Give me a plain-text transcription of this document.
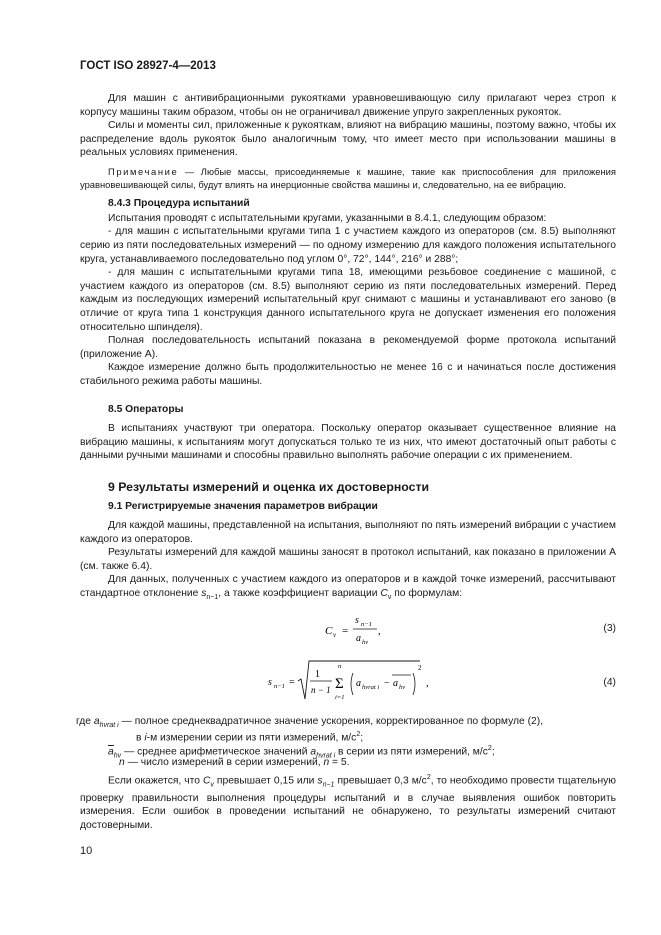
ГОСТ ISO 28927-4—2013

Для машин с антивибрационными рукоятками уравновешивающую силу прилагают через строп к корпусу машины таким образом, чтобы он не ограничивал движение упруго закрепленных рукояток.

Силы и моменты сил, приложенные к рукояткам, влияют на вибрацию машины, поэтому важно, чтобы их распределение вдоль рукояток было аналогичным тому, что имеет место при использовании машины в реальных условиях применения.

Примечание — Любые массы, присоединяемые к машине, такие как приспособления для приложения уравновешивающей силы, будут влиять на инерционные свойства машины и, следовательно, на ее вибрацию.

8.4.3 Процедура испытаний

Испытания проводят с испытательными кругами, указанными в 8.4.1, следующим образом:

- для машин с испытательными кругами типа 1 с участием каждого из операторов (см. 8.5) выполняют серию из пяти последовательных измерений — по одному измерению для каждого положения испытательного круга, устанавливаемого последовательно под углом 0°, 72°, 144°, 216° и 288°;

- для машин с испытательными кругами типа 18, имеющими резьбовое соединение с машиной, с участием каждого из операторов (см. 8.5) выполняют серию из пяти последовательных измерений. Перед каждым из последующих измерений испытательный круг снимают с машины и устанавливают его заново (в отличие от круга типа 1 конструкция данного испытательного круга не допускает изменения его положения относительно шпинделя).

Полная последовательность испытаний показана в рекомендуемой форме протокола испытаний (приложение А).

Каждое измерение должно быть продолжительностью не менее 16 с и начинаться после достижения стабильного режима работы машины.

8.5 Операторы

В испытаниях участвуют три оператора. Поскольку оператор оказывает существенное влияние на вибрацию машины, к испытаниям могут допускаться только те из них, что имеют достаточный опыт работы с данными ручными машинами и способны правильно выполнять рабочие операции с их применением.

9 Результаты измерений и оценка их достоверности
9.1 Регистрируемые значения параметров вибрации

Для каждой машины, представленной на испытания, выполняют по пять измерений вибрации с участием каждого из операторов.

Результаты измерений для каждой машины заносят в протокол испытаний, как показано в приложении А (см. также 6.4).

Для данных, полученных с участием каждого из операторов и в каждой точке измерений, рассчитывают стандартное отклонение $s_{n-1}$, а также коэффициент вариации $C_v$ по формулам:

C v =
s n−1
a hv
,	(3)
s n−1 =
1
n − 1
n
Σ
i=1
a hvrat i − a hv
2
,	(4)
где $a_{hvrat i}$ — полное среднеквадратичное значение ускорения, корректированное по формуле (2),
в i-м измерении серии из пяти измерений, $м/с^2$;
$\overline{a}_{hv}$ — среднее арифметическое значений $a_{hvrat i}$ в серии из пяти измерений, $м/с^2$;
n — число измерений в серии измерений, n = 5.

Если окажется, что $C_v$ превышает 0,15 или $s_{n-1}$ превышает 0,3 $м/с^2$, то необходимо провести тщательную проверку правильности выполнения процедуры испытаний и в случае выявления ошибок повторить измерения. Если ошибок в проведении испытаний не обнаружено, то результаты измерений считают достоверными.

10
